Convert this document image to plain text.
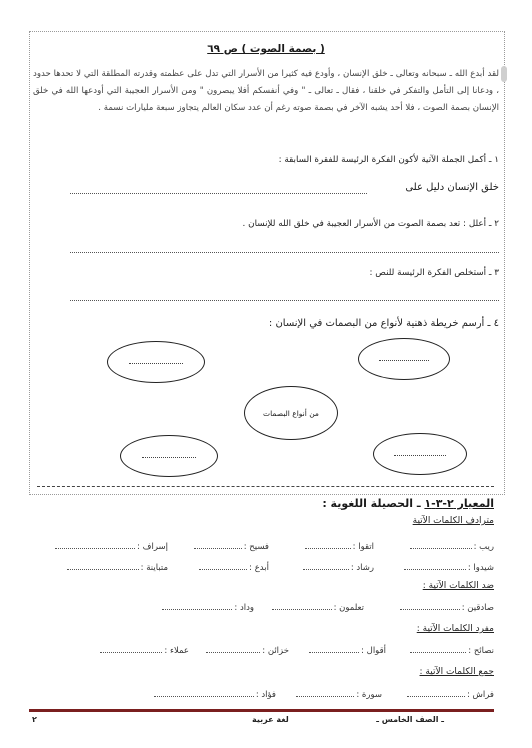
( بصمة الصوت ) ص ٦٩
لقد أبدع الله ـ سبحانه وتعالى ـ خلق الإنسان ، وأودع فيه كثيرا من الأسرار التي تدل على عظمته وقدرته المطلقة التي لا تحدها حدود ، ودعانا إلى التأمل والتفكر في خلقنا ، فقال ـ تعالى ـ " وفي أنفسكم أفلا يبصرون " ومن الأسرار العجيبة التي أودعها الله في خلق الإنسان بصمة الصوت ، فلا أحد يشبه الآخر في بصمة صوته رغم أن عدد سكان العالم يتجاوز سبعة مليارات نسمة .
١ ـ أكمل الجملة الآتية لأكون الفكرة الرئيسة للفقرة السابقة :
خلق الإنسان دليل على
٢ ـ أعلل : تعد بصمة الصوت من الأسرار العجيبة في خلق الله للإنسان .
٣ ـ أستخلص الفكرة الرئيسة للنص :
٤ ـ أرسم خريطة ذهنية لأنواع من البصمات في الإنسان :
من أنواع البصمات
المعيار ٢-٣-١ ـ الحصيلة اللغوية :
مترادف الكلمات الآتية
ريب :
اتقوا :
فسيح :
إسراف :
شيدوا :
رشاد :
أبدع :
متباينة :
ضد الكلمات الآتية :
صادقين :
تعلمون :
وداد :
مفرد الكلمات الآتية :
نصائح :
أقوال :
خزائن :
عملاء :
جمع الكلمات الآتية :
فراش :
سورة :
فؤاد :
ـ الصف الخامس ـ
لغة عربية
٢
